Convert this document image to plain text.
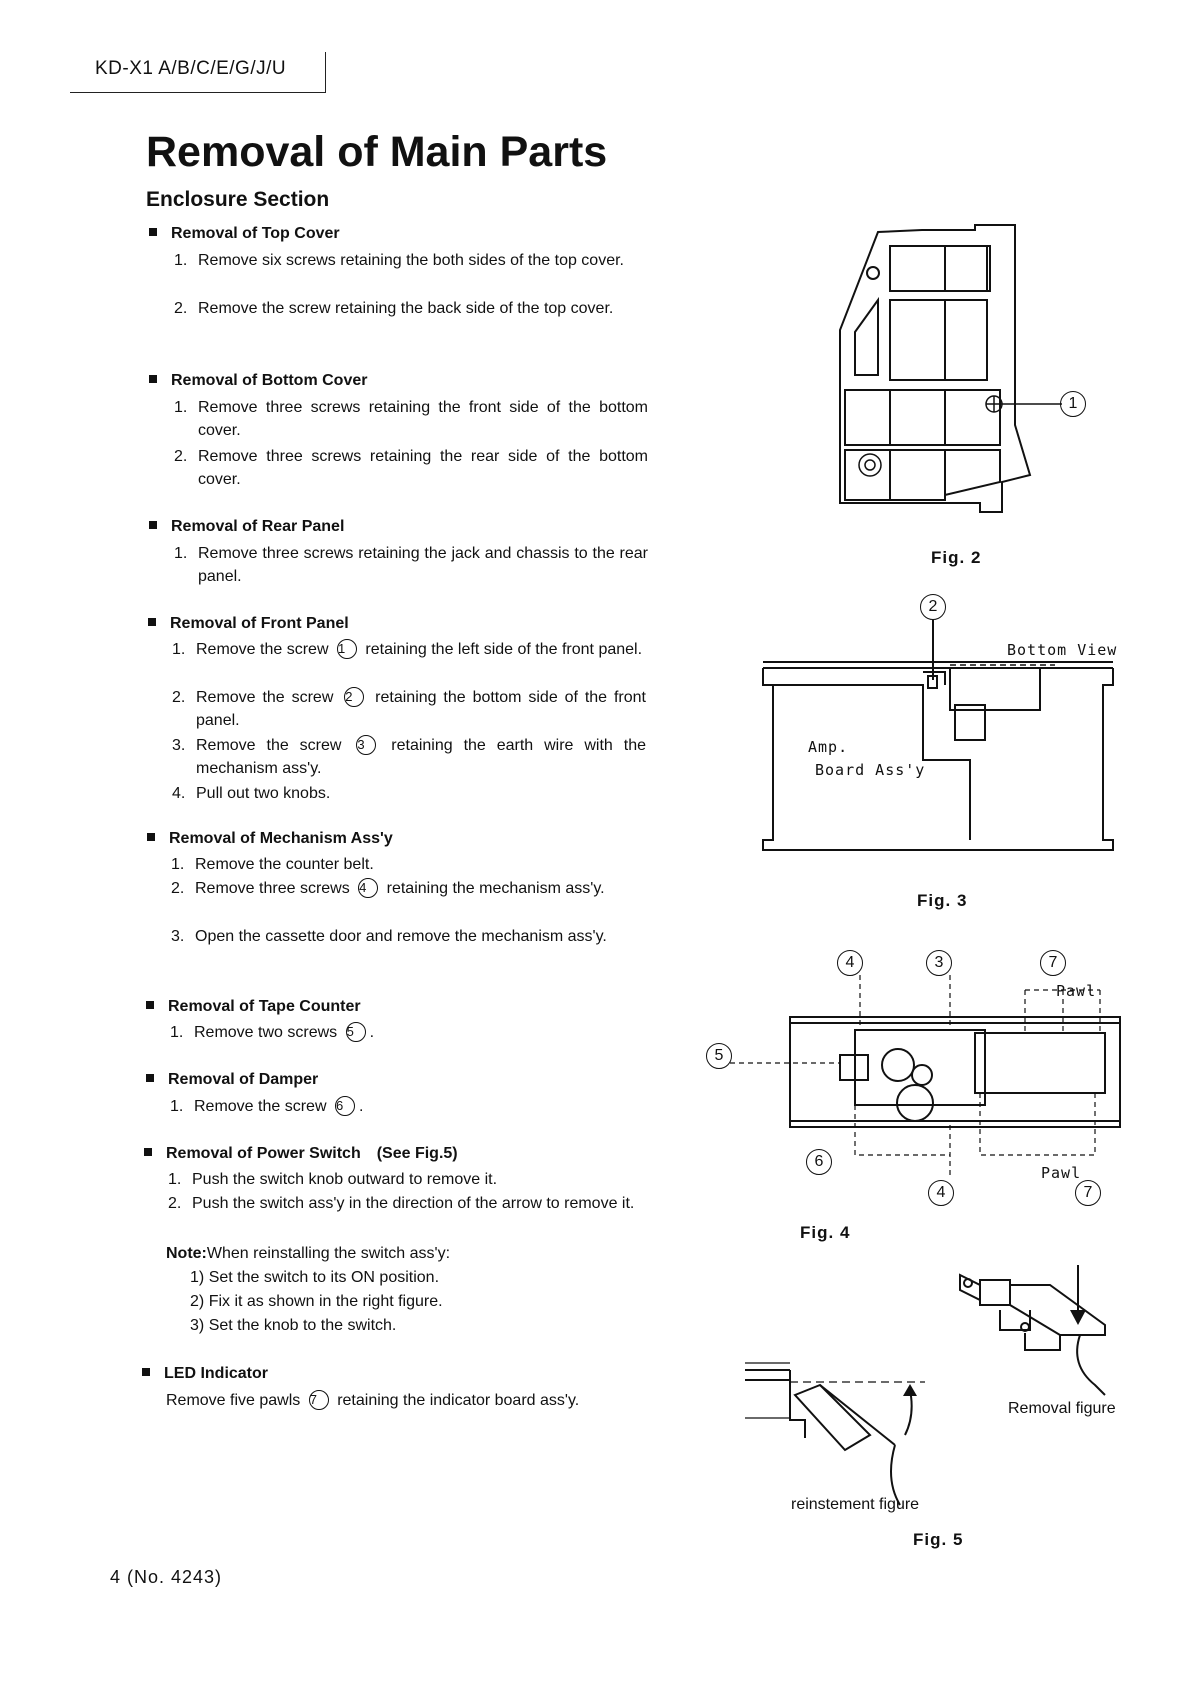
KD-X1 A/B/C/E/G/J/U
Removal of Main Parts
Enclosure Section
Removal of Top Cover
1. Remove six screws retaining the both sides of the top cover.
2. Remove the screw retaining the back side of the top cover.
Removal of Bottom Cover
1. Remove three screws retaining the front side of the bottom cover.
2. Remove three screws retaining the rear side of the bottom cover.
Removal of Rear Panel
1. Remove three screws retaining the jack and chassis to the rear panel.
Removal of Front Panel
1. Remove the screw 1 retaining the left side of the front panel.
2. Remove the screw 2 retaining the bottom side of the front panel.
3. Remove the screw 3 retaining the earth wire with the mechanism ass'y.
4. Pull out two knobs.
Removal of Mechanism Ass'y
1. Remove the counter belt.
2. Remove three screws 4 retaining the mechanism ass'y.
3. Open the cassette door and remove the mechanism ass'y.
Removal of Tape Counter
1. Remove two screws 5 .
Removal of Damper
1. Remove the screw 6 .
Removal of Power Switch (See Fig.5)
1. Push the switch knob outward to remove it.
2. Push the switch ass'y in the direction of the arrow to remove it.
Note:When reinstalling the switch ass'y:
1) Set the switch to its ON position.
2) Fix it as shown in the right figure.
3) Set the knob to the switch.
LED Indicator
Remove five pawls 7 retaining the indicator board ass'y.
1
Fig. 2
2
Bottom View
Amp.
Board Ass'y
Fig. 3
4	3	7
Pawl
5
6
Pawl
4	7
Fig. 4
Removal figure
reinstement figure
Fig. 5
4 (No. 4243)
